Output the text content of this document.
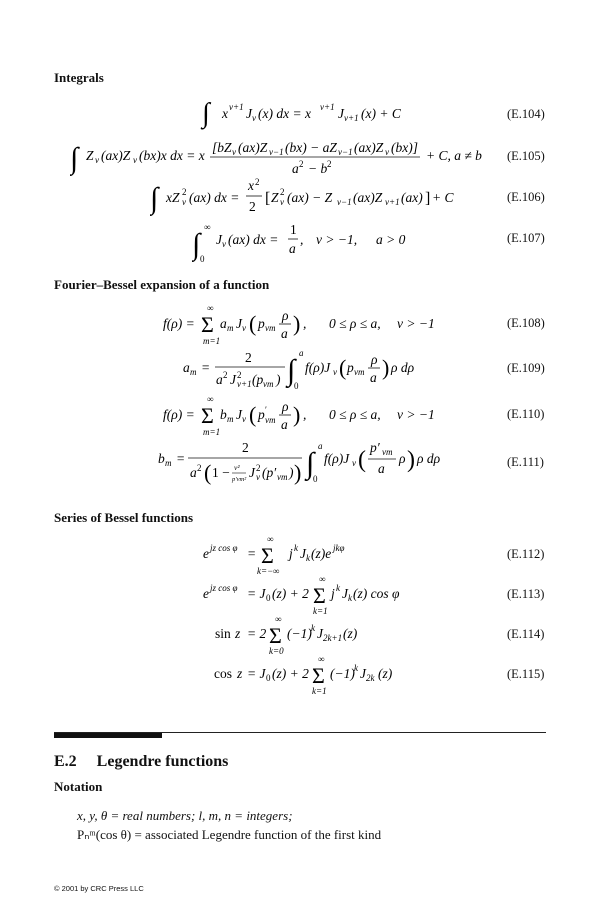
Integrals
∫ x ν+1 J ν (x) dx = x ν+1 J ν+1 (x) + C	(E.104)
∫ Z ν (ax)Z ν (bx)x dx = x
[bZ ν (ax)Z ν−1 (bx) − aZ ν−1 (ax)Z ν (bx)]
a 2 − b 2
+ C, a ≠ b (E.105)
∫ xZ 2
ν (ax) dx =
x 2
2 [ Z 2
ν (ax) − Z ν−1 (ax)Z ν+1 (ax) ] + C	(E.106)
∫
∞
0
J ν (ax) dx =
1
a
, ν > −1, a > 0	(E.107)
Fourier–Bessel expansion of a function
f(ρ) =
∞
Σ
m=1
a m J ν ( p νm
ρ
a ) , 0 ≤ ρ ≤ a, ν > −1	(E.108)
a m =
2
a 2 J 2
ν+1 (p νm ) ∫
a
0
f(ρ)J ν ( p νm
ρ
a ) ρ dρ	(E.109)
f(ρ) =
∞
Σ
m=1
b m J ν ( p ′
νm
ρ
a ) , 0 ≤ ρ ≤ a, ν > −1	(E.110)
b m =
2
a 2 ( 1 − ν²
p′νm² J 2
ν (p′ νm ) ) ∫
a
0
f(ρ)J ν ( p′ νm
a
ρ ) ρ dρ	(E.111)
Series of Bessel functions
e jz cos φ =
∞
Σ
k=−∞
j k J k (z)e jkφ	(E.112)
e jz cos φ = J 0 (z) + 2
∞
Σ
k=1
j k J k (z) cos φ	(E.113)
sin z = 2
∞
Σ
k=0
(−1) k J 2k+1 (z)	(E.114)
cos z = J 0 (z) + 2
∞
Σ
k=1
(−1) k J 2k (z)	(E.115)
E.2 Legendre functions
Notation
x, y, θ = real numbers; l, m, n = integers;
Pₙᵐ(cos θ) = associated Legendre function of the first kind
© 2001 by CRC Press LLC
